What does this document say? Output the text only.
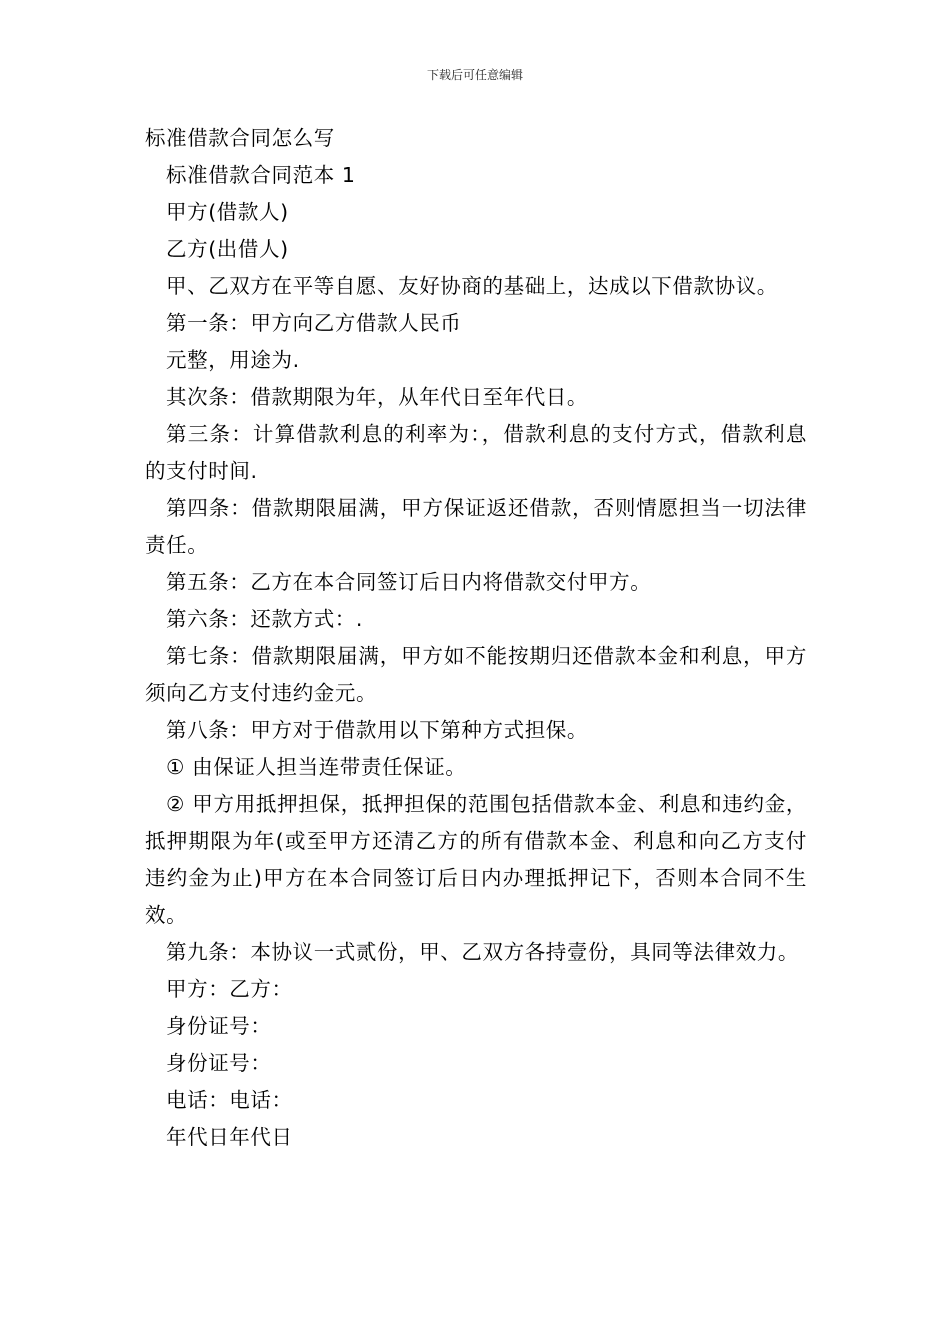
下载后可任意编辑

标准借款合同怎么写

标准借款合同范本 1

甲方(借款人)

乙方(出借人)

甲、乙双方在平等自愿、友好协商的基础上，达成以下借款协议。

第一条：甲方向乙方借款人民币

元整，用途为.

其次条：借款期限为年，从年代日至年代日。

第三条：计算借款利息的利率为：，借款利息的支付方式，借款利息的支付时间.

第四条：借款期限届满，甲方保证返还借款，否则情愿担当一切法律责任。

第五条：乙方在本合同签订后日内将借款交付甲方。

第六条：还款方式：.

第七条：借款期限届满，甲方如不能按期归还借款本金和利息，甲方须向乙方支付违约金元。

第八条：甲方对于借款用以下第种方式担保。

① 由保证人担当连带责任保证。

② 甲方用抵押担保，抵押担保的范围包括借款本金、利息和违约金，抵押期限为年(或至甲方还清乙方的所有借款本金、利息和向乙方支付违约金为止)甲方在本合同签订后日内办理抵押记下，否则本合同不生效。

第九条：本协议一式贰份，甲、乙双方各持壹份，具同等法律效力。

甲方：乙方：

身份证号：

身份证号：

电话：电话：

年代日年代日
